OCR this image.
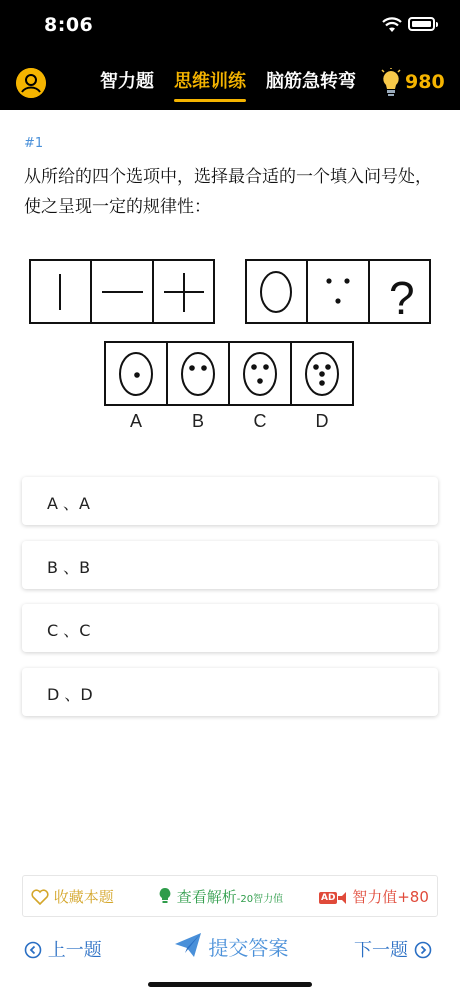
8:06
智力题 思维训练 脑筋急转弯	980
#1
从所给的四个选项中，选择最合适的一个填入问号处，使之呈现一定的规律性：
?
A	B	C	D
A 、A
B 、B
C 、C
D 、D
收藏本题	查看解析-20智力值	AD 智力值+80
上一题	提交答案	下一题
